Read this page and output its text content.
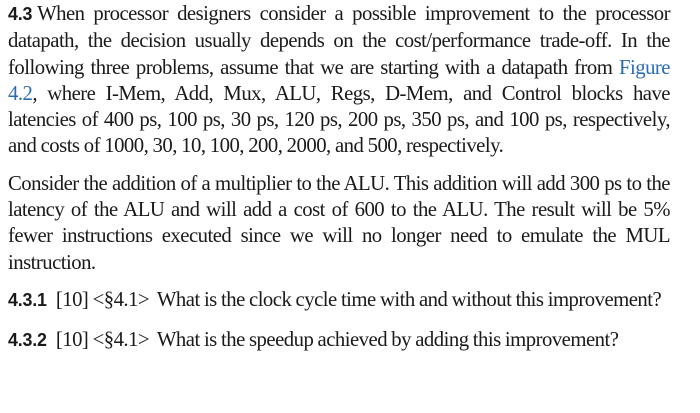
4.3 When processor designers consider a possible improvement to the processor datapath, the decision usually depends on the cost/performance trade-off. In the following three problems, assume that we are starting with a datapath from Figure 4.2, where I-Mem, Add, Mux, ALU, Regs, D-Mem, and Control blocks have latencies of 400 ps, 100 ps, 30 ps, 120 ps, 200 ps, 350 ps, and 100 ps, respectively, and costs of 1000, 30, 10, 100, 200, 2000, and 500, respectively.

Consider the addition of a multiplier to the ALU. This addition will add 300 ps to the latency of the ALU and will add a cost of 600 to the ALU. The result will be 5% fewer instructions executed since we will no longer need to emulate the MUL instruction.

4.3.1 [10] <§4.1> What is the clock cycle time with and without this improvement?

4.3.2 [10] <§4.1> What is the speedup achieved by adding this improvement?
